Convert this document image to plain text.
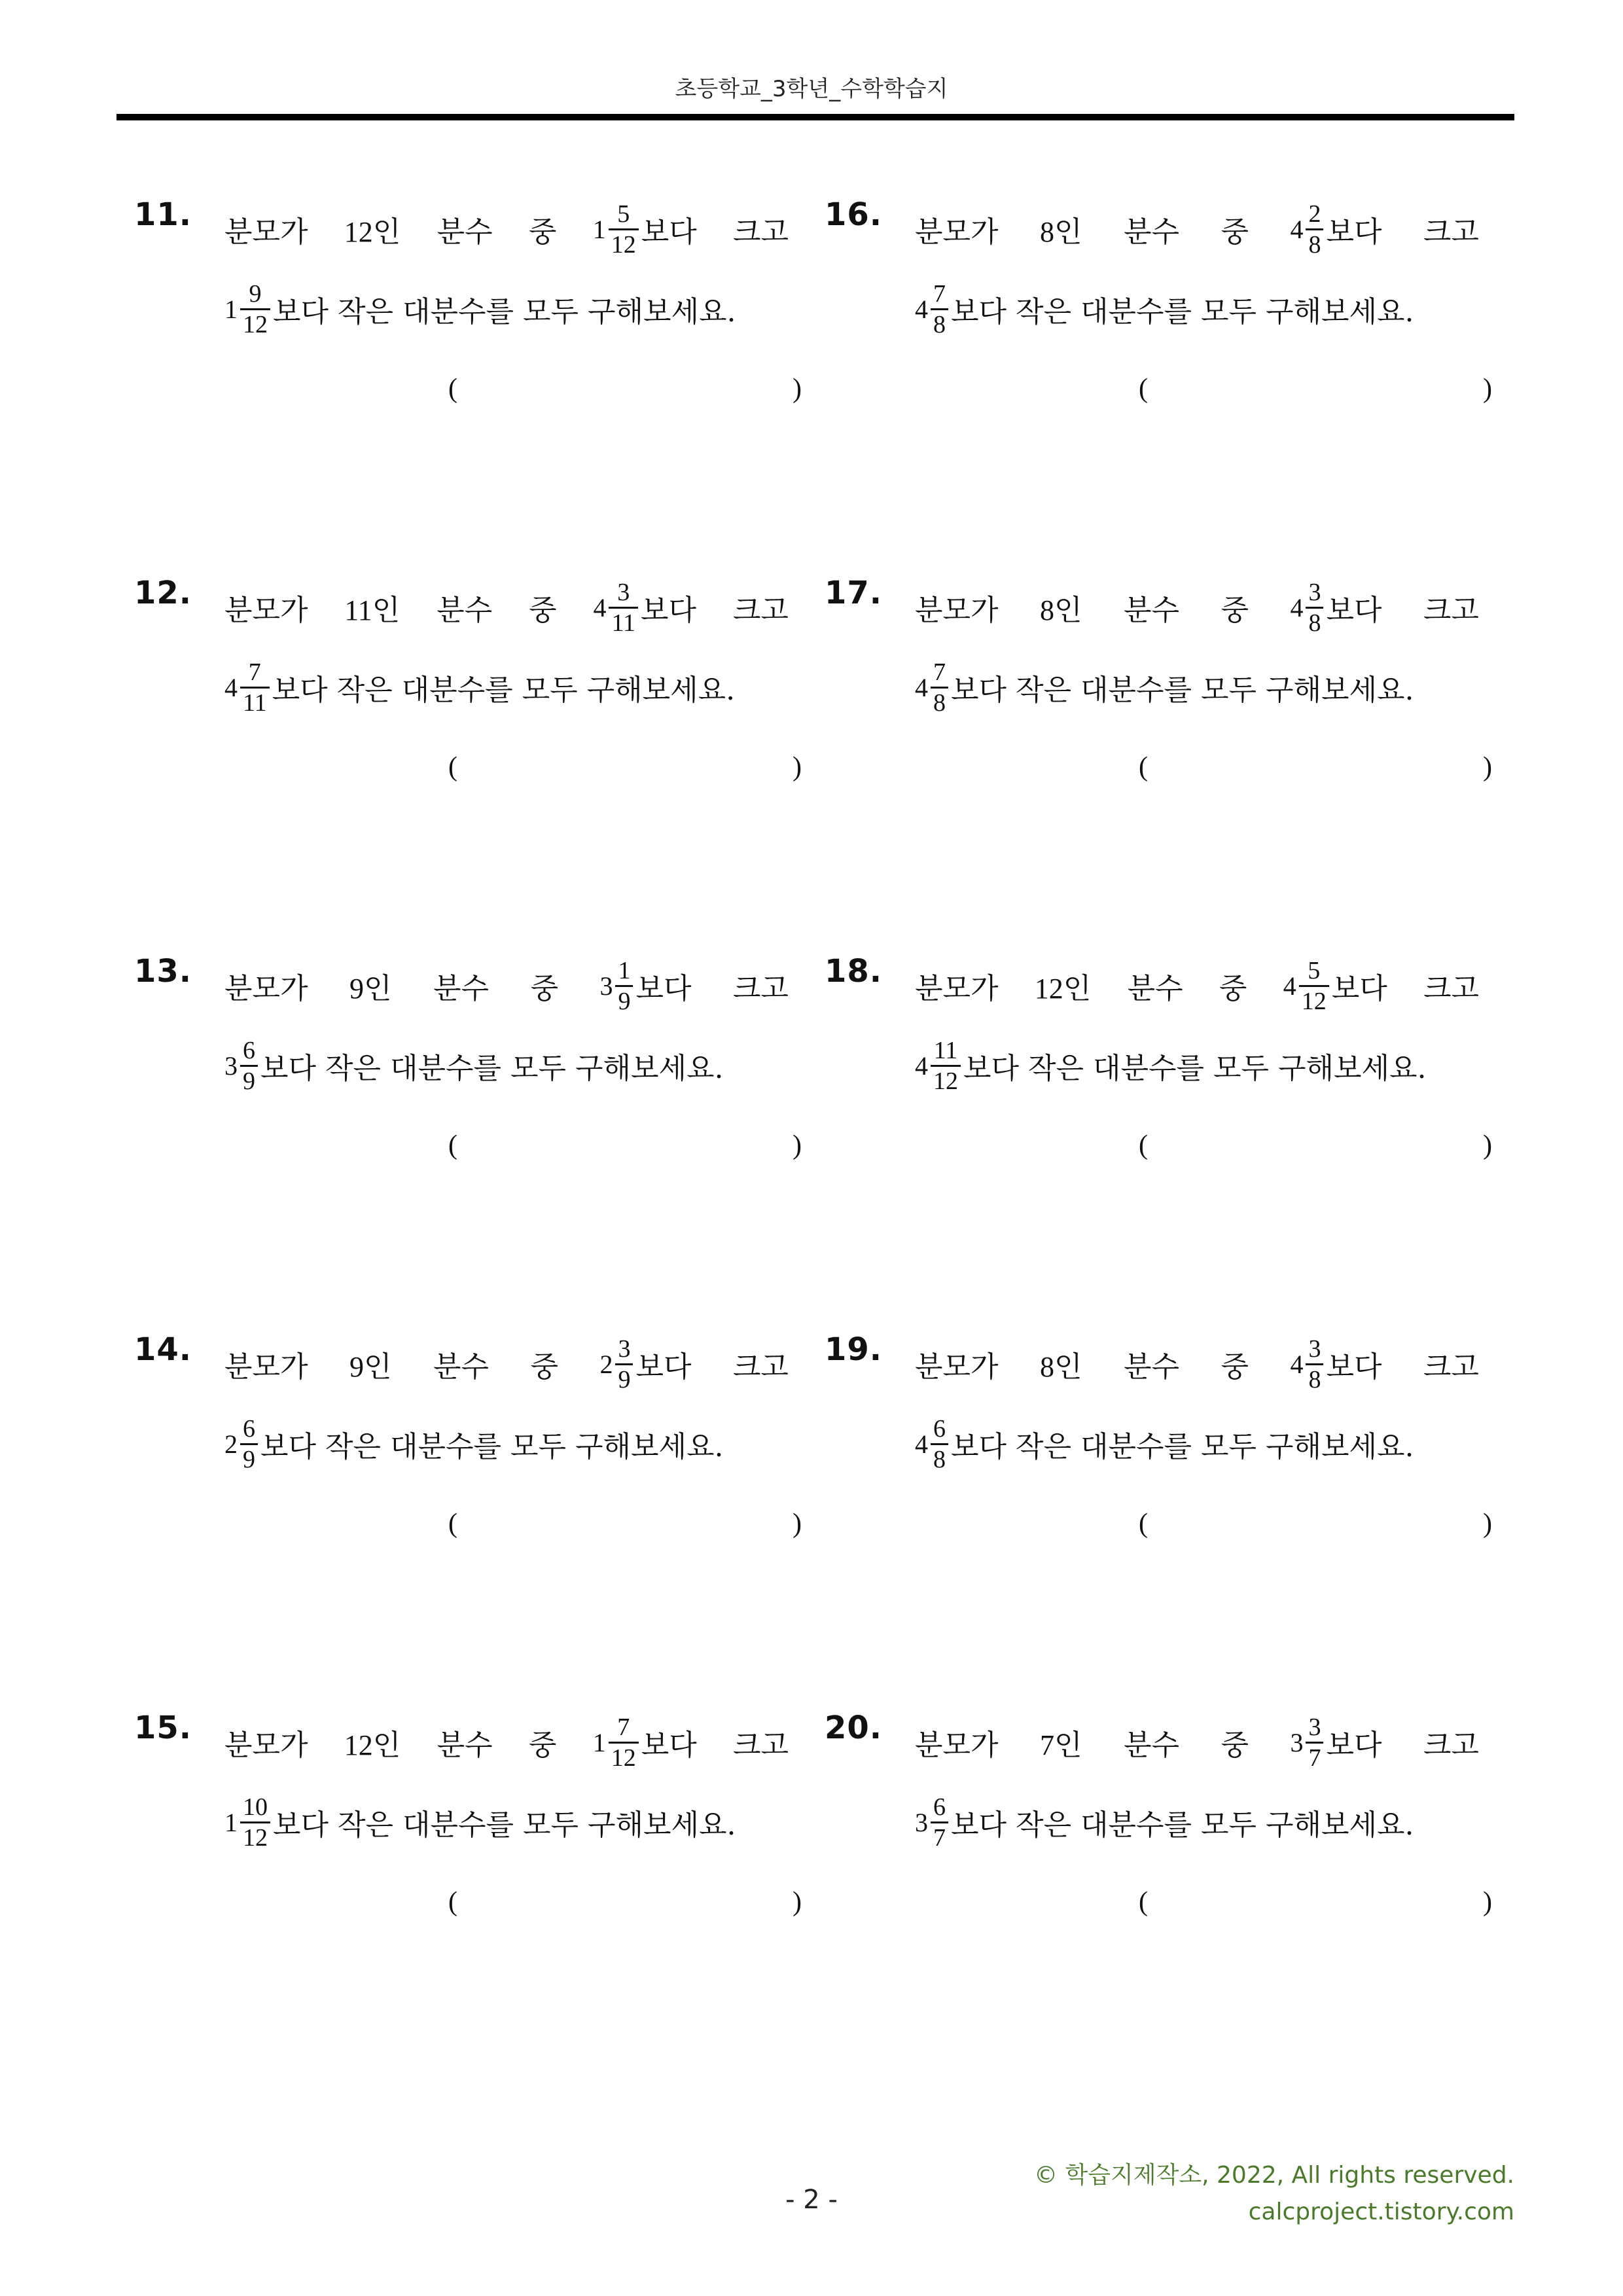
초등학교_3학년_수학학습지
11. 분모가 12인 분수 중 $1 \frac{5}{12}$ 보다 크고
$1 \frac{9}{12}$ 보다 작은 대분수를 모두 구해보세요.
(	)
12. 분모가 11인 분수 중 $4 \frac{3}{11}$ 보다 크고
$4 \frac{7}{11}$ 보다 작은 대분수를 모두 구해보세요.
(	)
13. 분모가 9인 분수 중 $3 \frac{1}{9}$ 보다 크고
$3 \frac{6}{9}$ 보다 작은 대분수를 모두 구해보세요.
(	)
14. 분모가 9인 분수 중 $2 \frac{3}{9}$ 보다 크고
$2 \frac{6}{9}$ 보다 작은 대분수를 모두 구해보세요.
(	)
15. 분모가 12인 분수 중 $1 \frac{7}{12}$ 보다 크고
$1 \frac{10}{12}$ 보다 작은 대분수를 모두 구해보세요.
(	)
16. 분모가 8인 분수 중 $4 \frac{2}{8}$ 보다 크고
$4 \frac{7}{8}$ 보다 작은 대분수를 모두 구해보세요.
(	)
17. 분모가 8인 분수 중 $4 \frac{3}{8}$ 보다 크고
$4 \frac{7}{8}$ 보다 작은 대분수를 모두 구해보세요.
(	)
18. 분모가 12인 분수 중 $4 \frac{5}{12}$ 보다 크고
$4 \frac{11}{12}$ 보다 작은 대분수를 모두 구해보세요.
(	)
19. 분모가 8인 분수 중 $4 \frac{3}{8}$ 보다 크고
$4 \frac{6}{8}$ 보다 작은 대분수를 모두 구해보세요.
(	)
20. 분모가 7인 분수 중 $3 \frac{3}{7}$ 보다 크고
$3 \frac{6}{7}$ 보다 작은 대분수를 모두 구해보세요.
(	)
© 학습지제작소, 2022, All rights reserved.
calcproject.tistory.com
- 2 -
